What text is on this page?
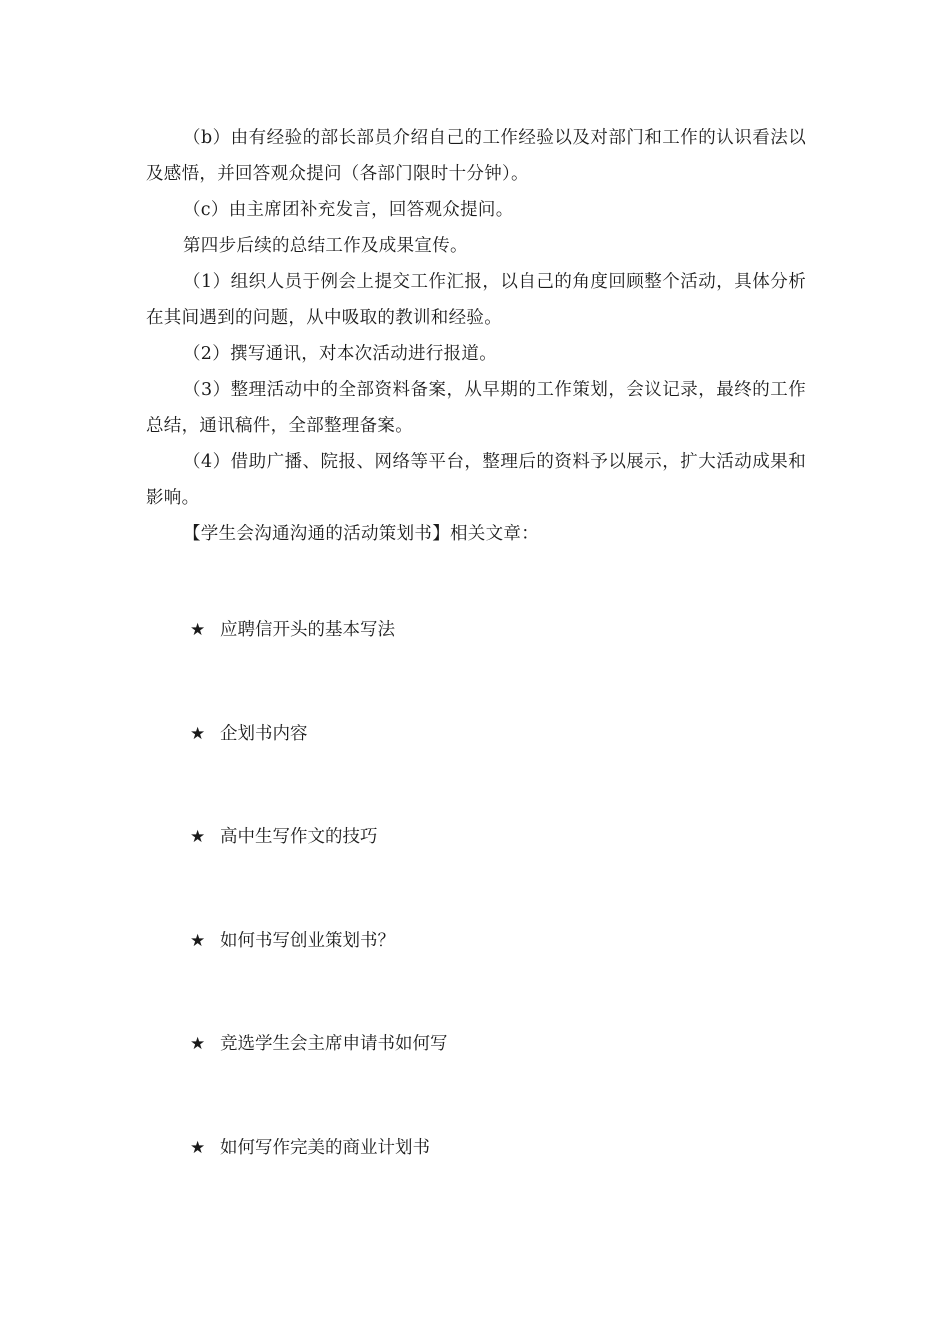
（b）由有经验的部长部员介绍自己的工作经验以及对部门和工作的认识看法以及感悟，并回答观众提问（各部门限时十分钟）。

（c）由主席团补充发言，回答观众提问。

第四步后续的总结工作及成果宣传。

（1）组织人员于例会上提交工作汇报，以自己的角度回顾整个活动，具体分析在其间遇到的问题，从中吸取的教训和经验。

（2）撰写通讯，对本次活动进行报道。

（3）整理活动中的全部资料备案，从早期的工作策划，会议记录，最终的工作总结，通讯稿件，全部整理备案。

（4）借助广播、院报、网络等平台，整理后的资料予以展示，扩大活动成果和影响。

【学生会沟通沟通的活动策划书】相关文章：

★ 应聘信开头的基本写法
★ 企划书内容
★ 高中生写作文的技巧
★ 如何书写创业策划书？
★ 竞选学生会主席申请书如何写
★ 如何写作完美的商业计划书
